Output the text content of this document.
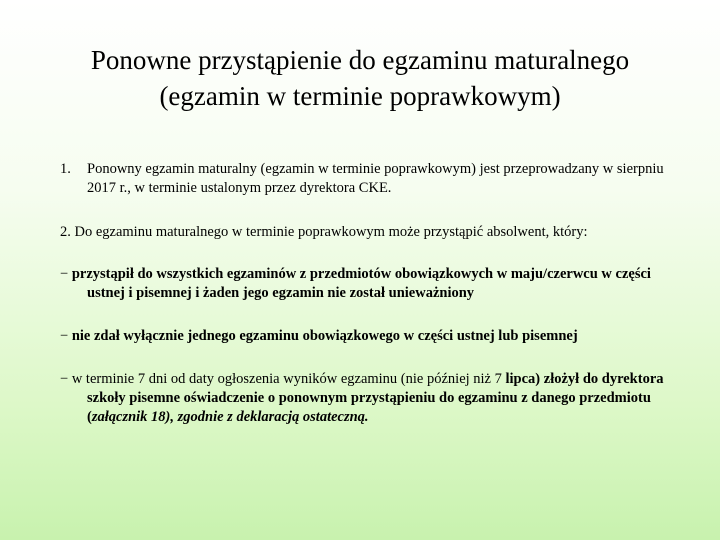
Ponowne przystąpienie do egzaminu maturalnego
(egzamin w terminie poprawkowym)
1. Ponowny egzamin maturalny (egzamin w terminie poprawkowym) jest przeprowadzany w sierpniu 2017 r., w terminie ustalonym przez dyrektora CKE.
2. Do egzaminu maturalnego w terminie poprawkowym może przystąpić absolwent, który:
− przystąpił do wszystkich egzaminów z przedmiotów obowiązkowych w maju/czerwcu w części ustnej i pisemnej i żaden jego egzamin nie został unieważniony
− nie zdał wyłącznie jednego egzaminu obowiązkowego w części ustnej lub pisemnej
− w terminie 7 dni od daty ogłoszenia wyników egzaminu (nie później niż 7 lipca) złożył do dyrektora szkoły pisemne oświadczenie o ponownym przystąpieniu do egzaminu z danego przedmiotu (załącznik 18), zgodnie z deklaracją ostateczną.
